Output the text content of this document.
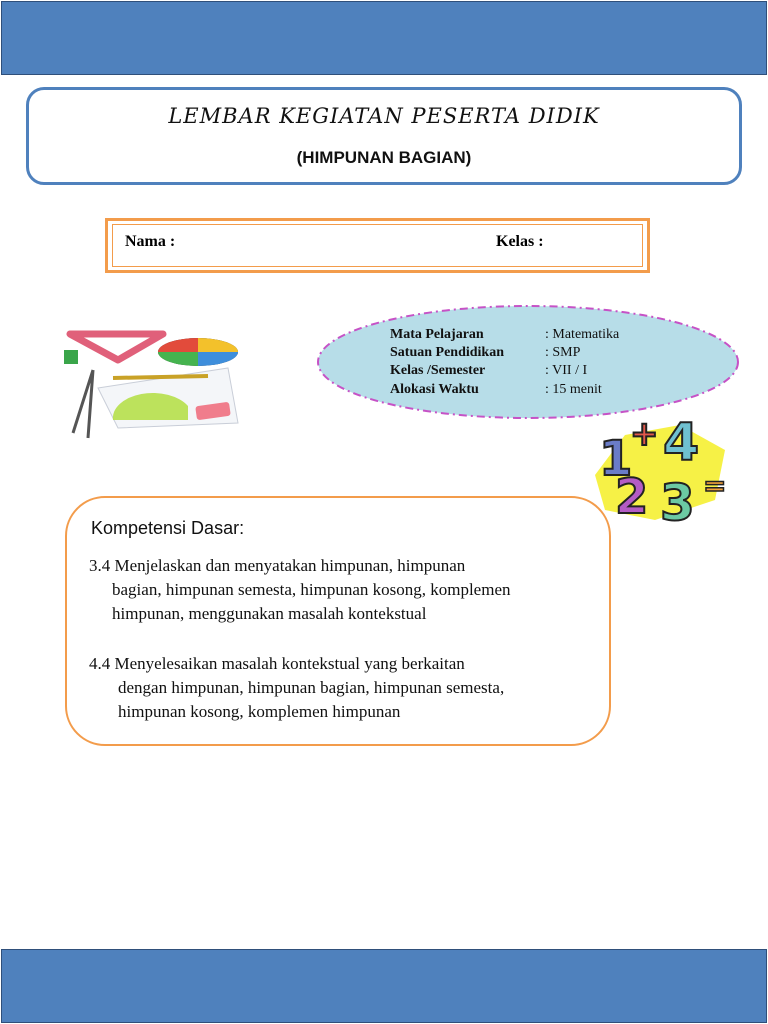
LEMBAR KEGIATAN PESERTA DIDIK
(HIMPUNAN BAGIAN)
Nama :	Kelas :
Mata Pelajaran	: Matematika
Satuan Pendidikan	: SMP
Kelas /Semester	: VII / I
Alokasi Waktu	: 15 menit
1
+ 4
2 3 =
Kompetensi Dasar:
3.4 Menjelaskan dan menyatakan himpunan, himpunan
bagian, himpunan semesta, himpunan kosong, komplemen
himpunan, menggunakan masalah kontekstual
4.4 Menyelesaikan masalah kontekstual yang berkaitan
dengan himpunan, himpunan bagian, himpunan semesta,
himpunan kosong, komplemen himpunan
